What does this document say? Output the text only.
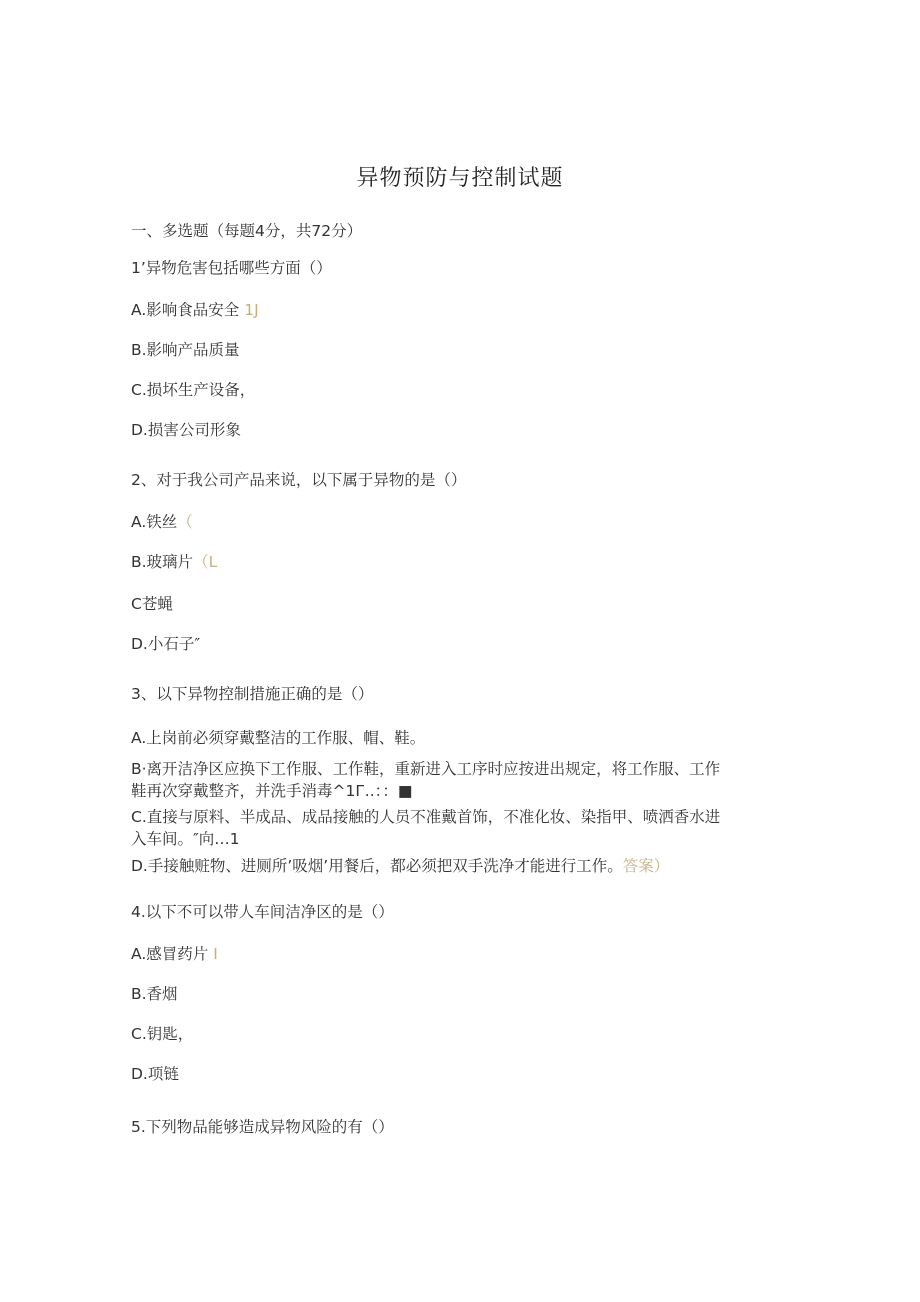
异物预防与控制试题
一、多选题（每题4分，共72分）
1’异物危害包括哪些方面（）
A.影响食品安全 1J
B.影响产品质量
C.损坏生产设备，
D.损害公司形象
2、对于我公司产品来说，以下属于异物的是（）
A.铁丝（
B.玻璃片（L
C苍蝇
D.小石子″
3、以下异物控制措施正确的是（）
A.上岗前必须穿戴整洁的工作服、帽、鞋。
B·离开洁净区应换下工作服、工作鞋，重新进入工序时应按进出规定，将工作服、工作
鞋再次穿戴整齐，并洗手消毒^1Г..：：■
C.直接与原料、半成品、成品接触的人员不准戴首饰，不准化妆、染指甲、喷洒香水进
入车间。″向…1
D.手接触赃物、进厕所’吸烟’用餐后，都必须把双手洗净才能进行工作。答案）
4.以下不可以带人车间洁净区的是（）
A.感冒药片 I
B.香烟
C.钥匙，
D.项链
5.下列物品能够造成异物风险的有（）
